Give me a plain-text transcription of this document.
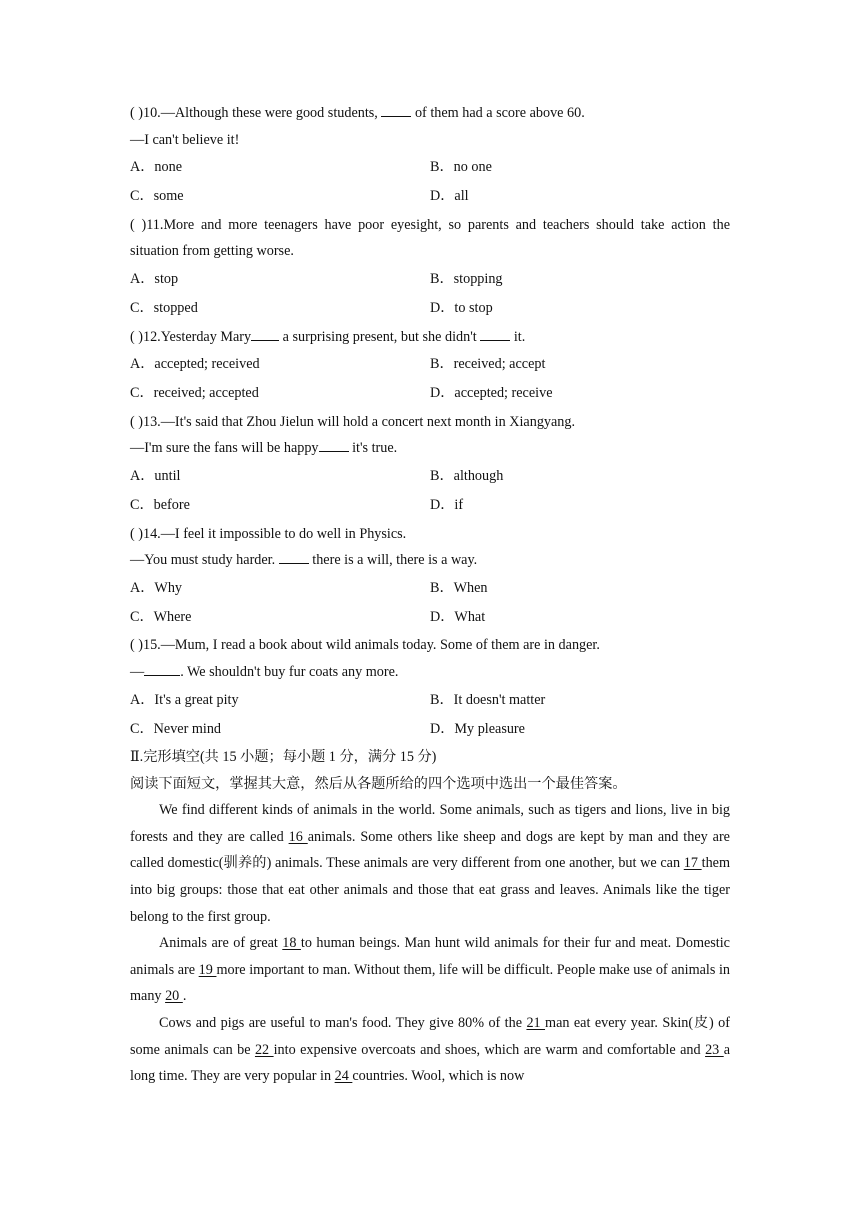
( )10.—Although these were good students,  of them had a score above 60.
—I can't believe it!
A．none	B．no one
C．some	D．all
( )11.More and more teenagers have poor eyesight, so parents and teachers should take action the situation from getting worse.
A．stop	B．stopping
C．stopped	D．to stop
( )12.Yesterday Mary a surprising present, but she didn't  it.
A．accepted; received	B．received; accept
C．received; accepted	D．accepted; receive
( )13.—It's said that Zhou Jielun will hold a concert next month in Xiangyang.
—I'm sure the fans will be happy it's true.
A．until	B．although
C．before	D．if
( )14.—I feel it impossible to do well in Physics.
—You must study harder.  there is a will, there is a way.
A．Why	B．When
C．Where	D．What
( )15.—Mum, I read a book about wild animals today. Some of them are in danger.
—	. We shouldn't buy fur coats any more.
A．It's a great pity	B．It doesn't matter
C．Never mind	D．My pleasure
Ⅱ.完形填空(共 15 小题；每小题 1 分，满分 15 分)
阅读下面短文，掌握其大意，然后从各题所给的四个选项中选出一个最佳答案。
We find different kinds of animals in the world. Some animals, such as tigers and lions, live in big forests and they are called 16 animals. Some others like sheep and dogs are kept by man and they are called domestic(驯养的) animals. These animals are very different from one another, but we can 17 them into big groups: those that eat other animals and those that eat grass and leaves. Animals like the tiger belong to the first group.
Animals are of great 18 to human beings. Man hunt wild animals for their fur and meat. Domestic animals are 19 more important to man. Without them, life will be difficult. People make use of animals in many 20 .
Cows and pigs are useful to man's food. They give 80% of the 21 man eat every year. Skin(皮) of some animals can be 22 into expensive overcoats and shoes, which are warm and comfortable and 23 a long time. They are very popular in 24 countries. Wool, which is now
